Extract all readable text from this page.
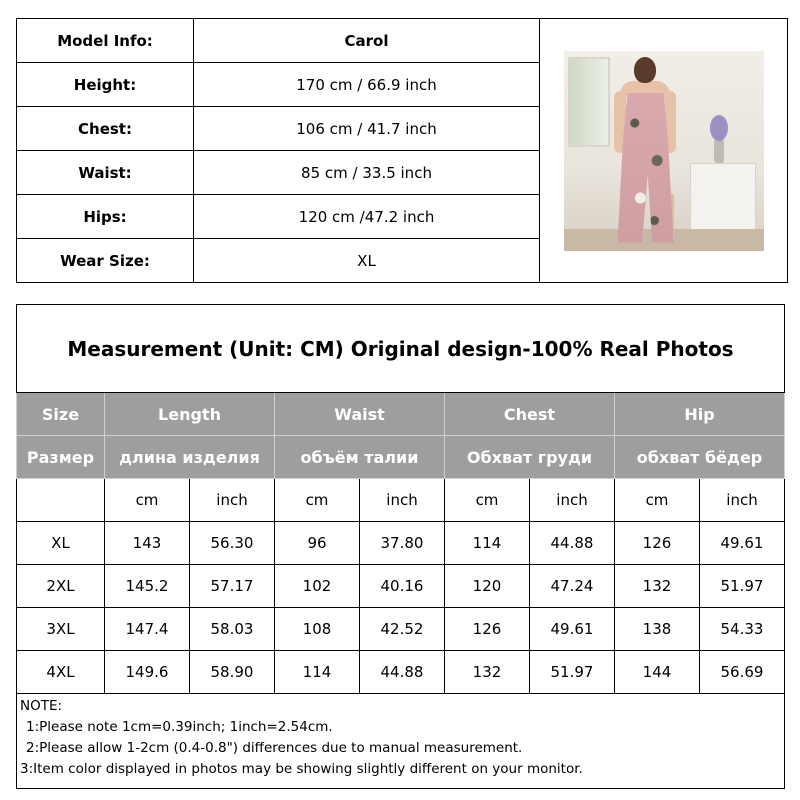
Model Info:	Carol	

Height:	170 cm / 66.9 inch	
Chest:	106 cm / 41.7 inch	
Waist:	85 cm / 33.5 inch	
Hips:	120 cm /47.2 inch	
Wear Size:	XL	
Measurement (Unit: CM) Original design-100% Real Photos								
Size	Length		Waist		Chest		Hip	
Размер	длина изделия		объём талии		Обхват груди		обхват бёдер	
	cm	inch	cm	inch	cm	inch	cm	inch
XL	143	56.30	96	37.80	114	44.88	126	49.61
2XL	145.2	57.17	102	40.16	120	47.24	132	51.97
3XL	147.4	58.03	108	42.52	126	49.61	138	54.33
4XL	149.6	58.90	114	44.88	132	51.97	144	56.69

NOTE:
1:Please note 1cm=0.39inch; 1inch=2.54cm.
2:Please allow 1-2cm (0.4-0.8") differences due to manual measurement.
3:Item color displayed in photos may be showing slightly different on your monitor.								
